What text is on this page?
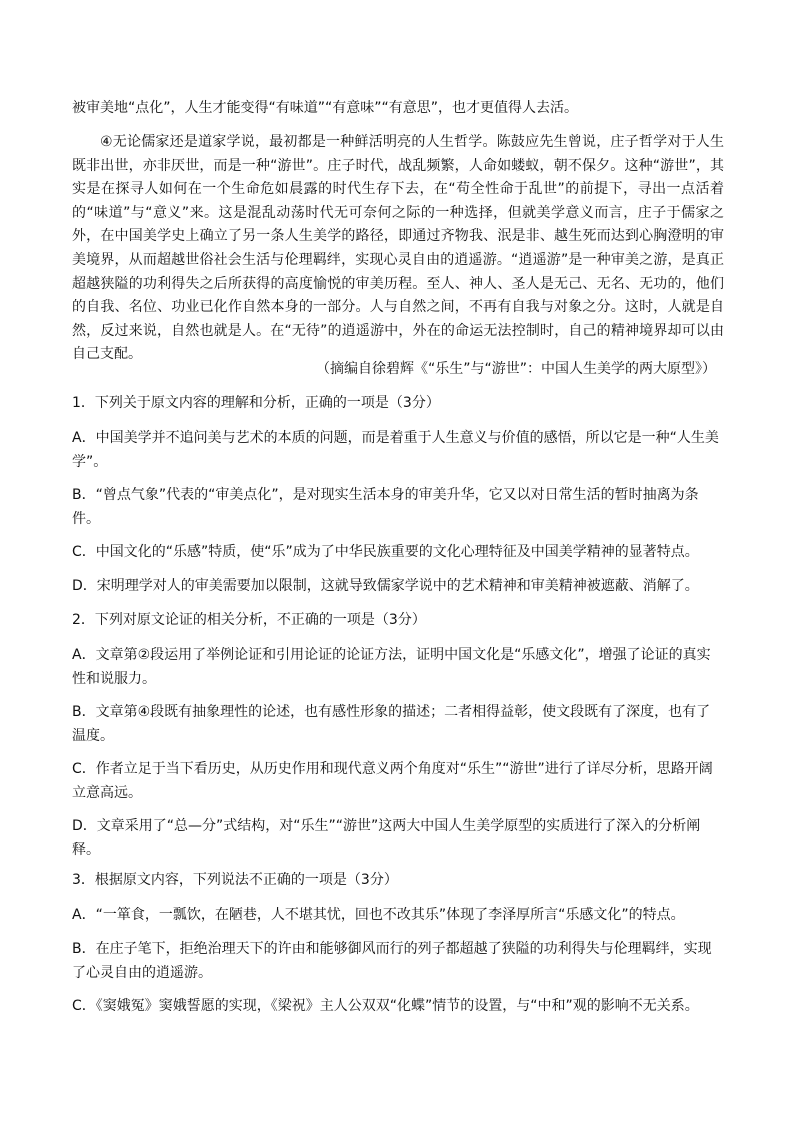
被审美地“点化”，人生才能变得“有味道”“有意味”“有意思”，也才更值得人去活。

④无论儒家还是道家学说，最初都是一种鲜活明亮的人生哲学。陈鼓应先生曾说，庄子哲学对于人生既非出世，亦非厌世，而是一种“游世”。庄子时代，战乱频繁，人命如蝼蚁，朝不保夕。这种“游世”，其实是在探寻人如何在一个生命危如晨露的时代生存下去，在“苟全性命于乱世”的前提下，寻出一点活着的“味道”与“意义”来。这是混乱动荡时代无可奈何之际的一种选择，但就美学意义而言，庄子于儒家之外，在中国美学史上确立了另一条人生美学的路径，即通过齐物我、泯是非、越生死而达到心胸澄明的审美境界，从而超越世俗社会生活与伦理羁绊，实现心灵自由的逍遥游。“逍遥游”是一种审美之游，是真正超越狭隘的功利得失之后所获得的高度愉悦的审美历程。至人、神人、圣人是无己、无名、无功的，他们的自我、名位、功业已化作自然本身的一部分。人与自然之间，不再有自我与对象之分。这时，人就是自然，反过来说，自然也就是人。在“无待”的逍遥游中，外在的命运无法控制时，自己的精神境界却可以由自己支配。

（摘编自徐碧辉《“乐生”与“游世”：中国人生美学的两大原型》）

1．下列关于原文内容的理解和分析，正确的一项是（3分）

A．中国美学并不追问美与艺术的本质的问题，而是着重于人生意义与价值的感悟，所以它是一种“人生美学”。

B．“曾点气象”代表的“审美点化”，是对现实生活本身的审美升华，它又以对日常生活的暂时抽离为条件。

C．中国文化的“乐感”特质，使“乐”成为了中华民族重要的文化心理特征及中国美学精神的显著特点。

D．宋明理学对人的审美需要加以限制，这就导致儒家学说中的艺术精神和审美精神被遮蔽、消解了。

2．下列对原文论证的相关分析，不正确的一项是（3分）

A．文章第②段运用了举例论证和引用论证的论证方法，证明中国文化是“乐感文化”，增强了论证的真实性和说服力。

B．文章第④段既有抽象理性的论述，也有感性形象的描述；二者相得益彰，使文段既有了深度，也有了温度。

C．作者立足于当下看历史，从历史作用和现代意义两个角度对“乐生”“游世”进行了详尽分析，思路开阔立意高远。

D．文章采用了“总—分”式结构，对“乐生”“游世”这两大中国人生美学原型的实质进行了深入的分析阐释。

3．根据原文内容，下列说法不正确的一项是（3分）

A．“一箪食，一瓢饮，在陋巷，人不堪其忧，回也不改其乐”体现了李泽厚所言“乐感文化”的特点。

B．在庄子笔下，拒绝治理天下的许由和能够御风而行的列子都超越了狭隘的功利得失与伦理羁绊，实现了心灵自由的逍遥游。

C．《窦娥冤》窦娥誓愿的实现，《梁祝》主人公双双“化蝶”情节的设置，与“中和”观的影响不无关系。
